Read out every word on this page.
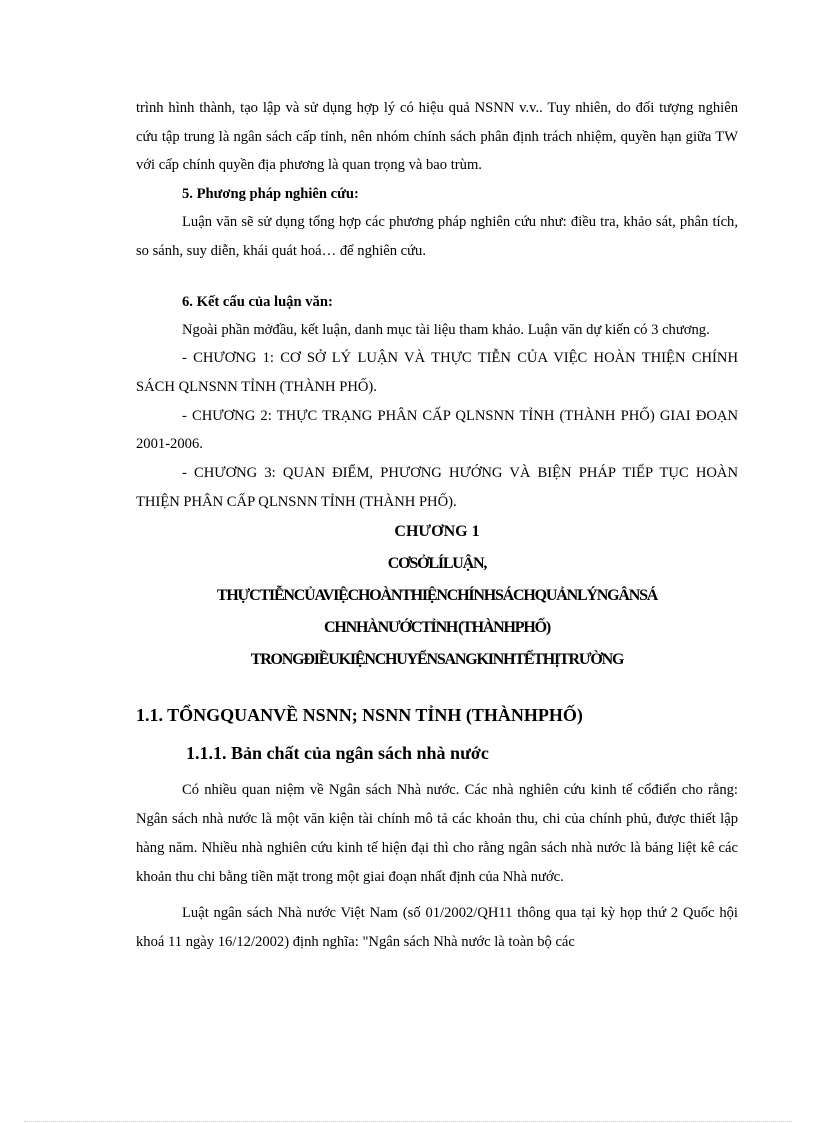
trình hình thành, tạo lập và sử dụng hợp lý có hiệu quả NSNN v.v.. Tuy nhiên, do đối tượng nghiên cứu tập trung là ngân sách cấp tỉnh, nên nhóm chính sách phân định trách nhiệm, quyền hạn giữa TW với cấp chính quyền địa phương là quan trọng và bao trùm.

5. Phương pháp nghiên cứu:

Luận văn sẽ sử dụng tổng hợp các phương pháp nghiên cứu như: điều tra, khảo sát, phân tích, so sánh, suy diễn, khái quát hoá… để nghiên cứu.

6. Kết cấu của luận văn:

Ngoài phần mởđầu, kết luận, danh mục tài liệu tham khảo. Luận văn dự kiến có 3 chương.

- CHƯƠNG 1: CƠ SỞ LÝ LUẬN VÀ THỰC TIỄN CỦA VIỆC HOÀN THIỆN CHÍNH SÁCH QLNSNN TỈNH (THÀNH PHỐ).

- CHƯƠNG 2: THỰC TRẠNG PHÂN CẤP QLNSNN TỈNH (THÀNH PHỐ) GIAI ĐOẠN 2001-2006.

- CHƯƠNG 3: QUAN ĐIỂM, PHƯƠNG HƯỚNG VÀ BIỆN PHÁP TIẾP TỤC HOÀN THIỆN PHÂN CẤP QLNSNN TỈNH (THÀNH PHỐ).

CHƯƠNG 1

CƠSỞLÍLUẬN,

THỰCTIỄNCỦAVIỆCHOÀNTHIỆNCHÍNHSÁCHQUẢNLÝNGÂNSÁ

CHNHÀNƯỚCTỈNH (THÀNHPHỐ)

TRONGĐIỀUKIỆNCHUYỂNSANGKINHTẾTHỊTRƯỜNG

1.1. TỔNGQUANVỀ NSNN; NSNN TỈNH (THÀNHPHỐ)

1.1.1. Bản chất của ngân sách nhà nước

Có nhiều quan niệm về Ngân sách Nhà nước. Các nhà nghiên cứu kinh tế cổđiển cho rằng: Ngân sách nhà nước là một văn kiện tài chính mô tả các khoản thu, chi của chính phủ, được thiết lập hàng năm. Nhiều nhà nghiên cứu kinh tế hiện đại thì cho rằng ngân sách nhà nước là bảng liệt kê các khoản thu chi bằng tiền mặt trong một giai đoạn nhất định của Nhà nước.

Luật ngân sách Nhà nước Việt Nam (số 01/2002/QH11 thông qua tại kỳ họp thứ 2 Quốc hội khoá 11 ngày 16/12/2002) định nghĩa: "Ngân sách Nhà nước là toàn bộ các
